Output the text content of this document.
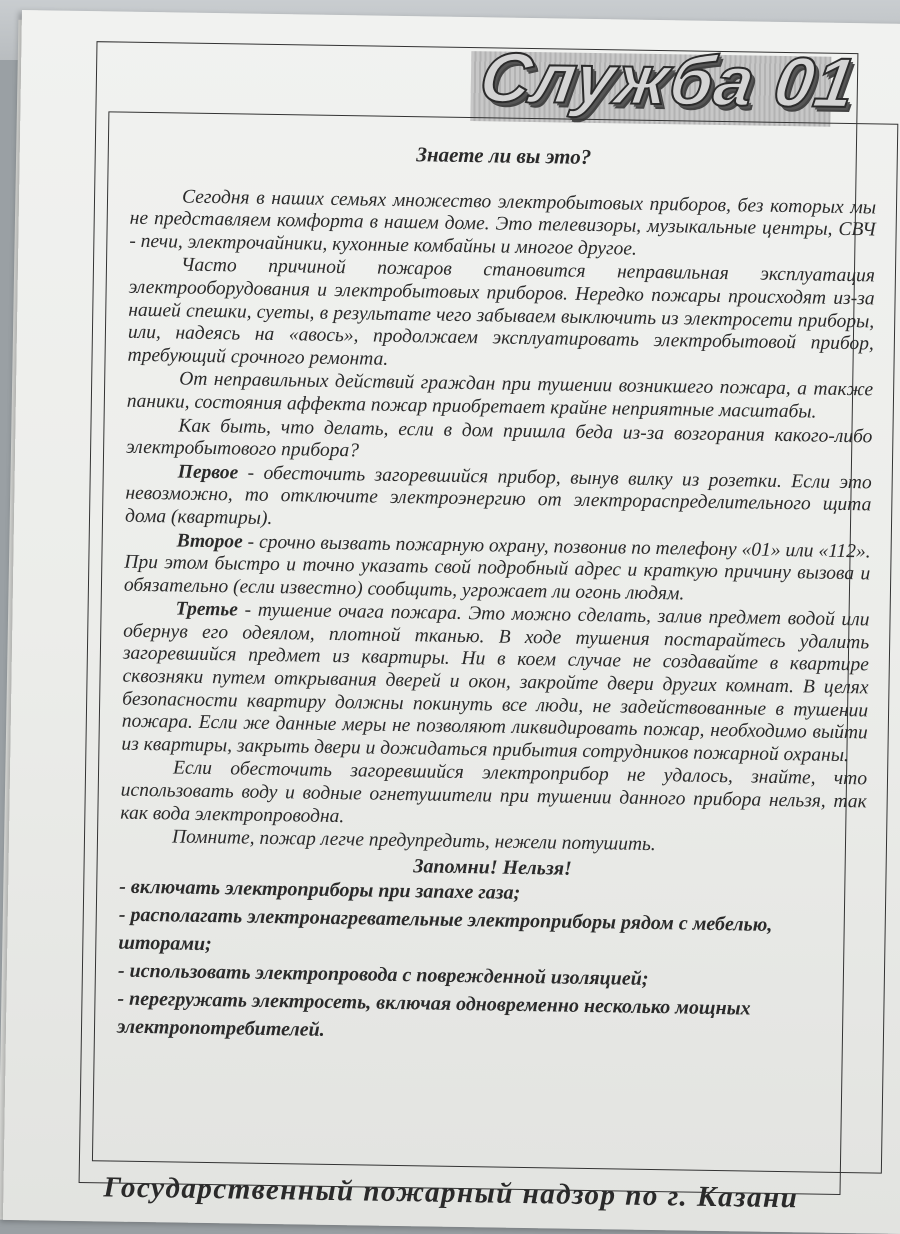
Служба 01
Знаете ли вы это?

Сегодня в наших семьях множество электробытовых приборов, без которых мы не представляем комфорта в нашем доме. Это телевизоры, музыкальные центры, СВЧ - печи, электрочайники, кухонные комбайны и многое другое.

Часто причиной пожаров становится неправильная эксплуатация электрооборудования и электробытовых приборов. Нередко пожары происходят из-за нашей спешки, суеты, в результате чего забываем выключить из электросети приборы, или, надеясь на «авось», продолжаем эксплуатировать электробытовой прибор, требующий срочного ремонта.

От неправильных действий граждан при тушении возникшего пожара, а также паники, состояния аффекта пожар приобретает крайне неприятные масштабы.

Как быть, что делать, если в дом пришла беда из-за возгорания какого-либо электробытового прибора?

Первое - обесточить загоревшийся прибор, вынув вилку из розетки. Если это невозможно, то отключите электроэнергию от электрораспределительного щита дома (квартиры).

Второе - срочно вызвать пожарную охрану, позвонив по телефону «01» или «112». При этом быстро и точно указать свой подробный адрес и краткую причину вызова и обязательно (если известно) сообщить, угрожает ли огонь людям.

Третье - тушение очага пожара. Это можно сделать, залив предмет водой или обернув его одеялом, плотной тканью. В ходе тушения постарайтесь удалить загоревшийся предмет из квартиры. Ни в коем случае не создавайте в квартире сквозняки путем открывания дверей и окон, закройте двери других комнат. В целях безопасности квартиру должны покинуть все люди, не задействованные в тушении пожара. Если же данные меры не позволяют ликвидировать пожар, необходимо выйти из квартиры, закрыть двери и дожидаться прибытия сотрудников пожарной охраны.

Если обесточить загоревшийся электроприбор не удалось, знайте, что использовать воду и водные огнетушители при тушении данного прибора нельзя, так как вода электропроводна.

Помните, пожар легче предупредить, нежели потушить.

Запомни! Нельзя!

- включать электроприборы при запахе газа;

- располагать электронагревательные электроприборы рядом с мебелью, шторами;

- использовать электропровода с поврежденной изоляцией;

- перегружать электросеть, включая одновременно несколько мощных электропотребителей.

Государственный пожарный надзор по г. Казани
